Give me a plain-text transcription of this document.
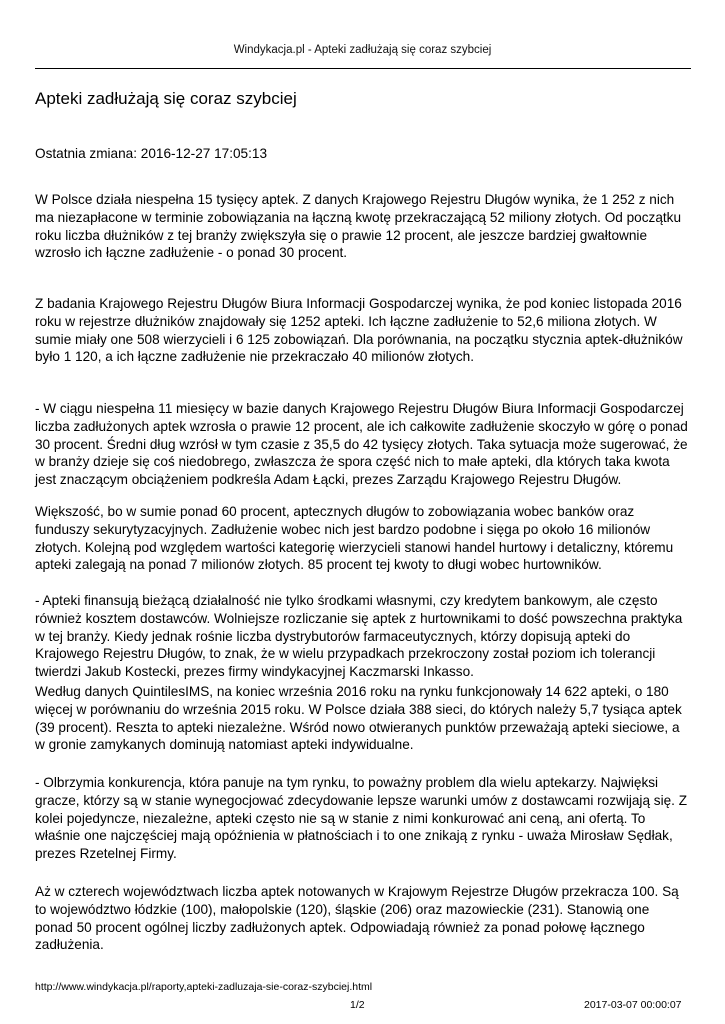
Windykacja.pl - Apteki zadłużają się coraz szybciej
Apteki zadłużają się coraz szybciej
Ostatnia zmiana: 2016-12-27 17:05:13

W Polsce działa niespełna 15 tysięcy aptek. Z danych Krajowego Rejestru Długów wynika, że 1 252 z nich ma niezapłacone w terminie zobowiązania na łączną kwotę przekraczającą 52 miliony złotych. Od początku roku liczba dłużników z tej branży zwiększyła się o prawie 12 procent, ale jeszcze bardziej gwałtownie wzrosło ich łączne zadłużenie - o ponad 30 procent.

Z badania Krajowego Rejestru Długów Biura Informacji Gospodarczej wynika, że pod koniec listopada 2016 roku w rejestrze dłużników znajdowały się 1252 apteki. Ich łączne zadłużenie to 52,6 miliona złotych. W sumie miały one 508 wierzycieli i 6 125 zobowiązań. Dla porównania, na początku stycznia aptek-dłużników było 1 120, a ich łączne zadłużenie nie przekraczało 40 milionów złotych.

- W ciągu niespełna 11 miesięcy w bazie danych Krajowego Rejestru Długów Biura Informacji Gospodarczej liczba zadłużonych aptek wzrosła o prawie 12 procent, ale ich całkowite zadłużenie skoczyło w górę o ponad 30 procent. Średni dług wzrósł w tym czasie z 35,5 do 42 tysięcy złotych. Taka sytuacja może sugerować, że w branży dzieje się coś niedobrego, zwłaszcza że spora część nich to małe apteki, dla których taka kwota jest znaczącym obciążeniem podkreśla Adam Łącki, prezes Zarządu Krajowego Rejestru Długów.

Większość, bo w sumie ponad 60 procent, aptecznych długów to zobowiązania wobec banków oraz funduszy sekurytyzacyjnych. Zadłużenie wobec nich jest bardzo podobne i sięga po około 16 milionów złotych. Kolejną pod względem wartości kategorię wierzycieli stanowi handel hurtowy i detaliczny, któremu apteki zalegają na ponad 7 milionów złotych. 85 procent tej kwoty to długi wobec hurtowników.

- Apteki finansują bieżącą działalność nie tylko środkami własnymi, czy kredytem bankowym, ale często również kosztem dostawców. Wolniejsze rozliczanie się aptek z hurtownikami to dość powszechna praktyka w tej branży. Kiedy jednak rośnie liczba dystrybutorów farmaceutycznych, którzy dopisują apteki do Krajowego Rejestru Długów, to znak, że w wielu przypadkach przekroczony został poziom ich tolerancji twierdzi Jakub Kostecki, prezes firmy windykacyjnej Kaczmarski Inkasso.

Według danych QuintilesIMS, na koniec września 2016 roku na rynku funkcjonowały 14 622 apteki, o 180 więcej w porównaniu do września 2015 roku. W Polsce działa 388 sieci, do których należy 5,7 tysiąca aptek (39 procent). Reszta to apteki niezależne. Wśród nowo otwieranych punktów przeważają apteki sieciowe, a w gronie zamykanych dominują natomiast apteki indywidualne.

- Olbrzymia konkurencja, która panuje na tym rynku, to poważny problem dla wielu aptekarzy. Najwięksi gracze, którzy są w stanie wynegocjować zdecydowanie lepsze warunki umów z dostawcami rozwijają się. Z kolei pojedyncze, niezależne, apteki często nie są w stanie z nimi konkurować ani ceną, ani ofertą. To właśnie one najczęściej mają opóźnienia w płatnościach i to one znikają z rynku - uważa Mirosław Sędłak, prezes Rzetelnej Firmy.

Aż w czterech województwach liczba aptek notowanych w Krajowym Rejestrze Długów przekracza 100. Są to województwo łódzkie (100), małopolskie (120), śląskie (206) oraz mazowieckie (231). Stanowią one ponad 50 procent ogólnej liczby zadłużonych aptek. Odpowiadają również za ponad połowę łącznego zadłużenia.

http://www.windykacja.pl/raporty,apteki-zadluzaja-sie-coraz-szybciej.html
1/2	2017-03-07 00:00:07
